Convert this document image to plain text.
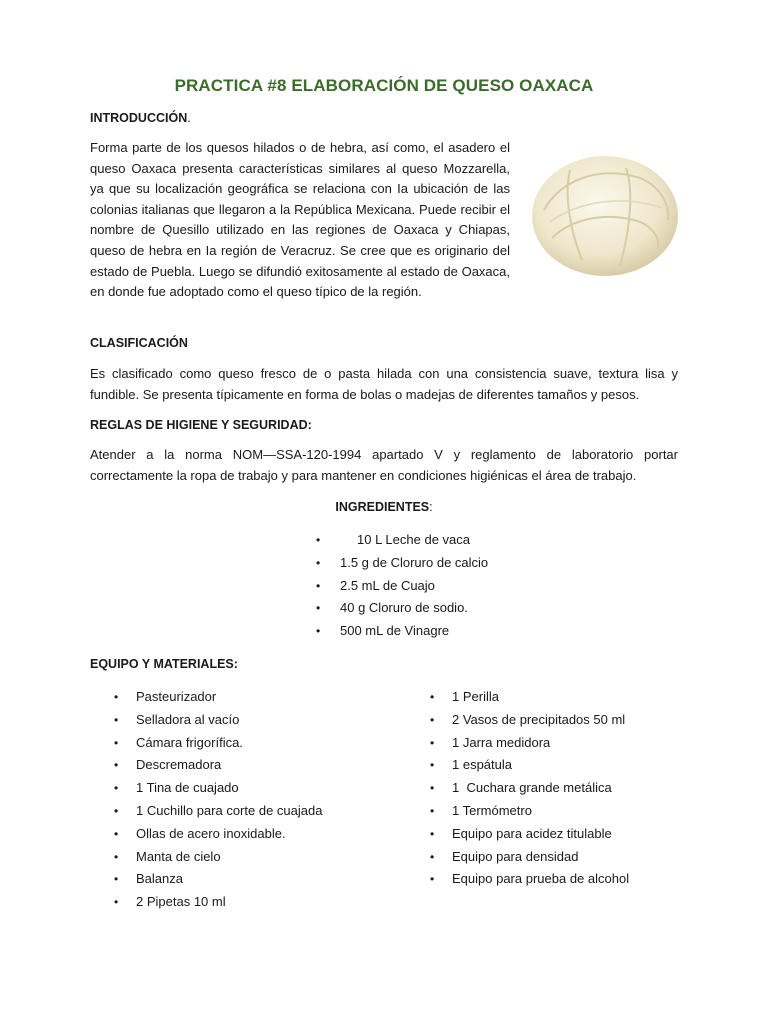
PRACTICA #8 ELABORACIÓN DE QUESO OAXACA
INTRODUCCIÓN.
Forma parte de los quesos hilados o de hebra, así como, el asadero el queso Oaxaca presenta características similares al queso Mozzarella, ya que su localización geográfica se relaciona con Ia ubicación de las colonias italianas que llegaron a la República Mexicana. Puede recibir el nombre de Quesillo utilizado en las regiones de Oaxaca y Chiapas, queso de hebra en Ia región de Veracruz. Se cree que es originario del estado de Puebla. Luego se difundió exitosamente al estado de Oaxaca, en donde fue adoptado como el queso típico de la región.
CLASIFICACIÓN
Es clasificado como queso fresco de o pasta hilada con una consistencia suave, textura lisa y fundible. Se presenta típicamente en forma de bolas o madejas de diferentes tamaños y pesos.
REGLAS DE HIGIENE Y SEGURIDAD:
Atender a la norma NOM—SSA-120-1994 apartado V y reglamento de laboratorio portar correctamente la ropa de trabajo y para mantener en condiciones higiénicas el área de trabajo.
INGREDIENTES:
•	10 L Leche de vaca
• 1.5 g de Cloruro de calcio
• 2.5 mL de Cuajo
• 40 g Cloruro de sodio.
• 500 mL de Vinagre
EQUIPO Y MATERIALES:
• Pasteurizador
• Selladora al vacío
• Cámara frigorífica.
• Descremadora
• 1 Tina de cuajado
• 1 Cuchillo para corte de cuajada
• Ollas de acero inoxidable.
• Manta de cielo
• Balanza
• 2 Pipetas 10 ml
• 1 Perilla
• 2 Vasos de precipitados 50 ml
• 1 Jarra medidora
• 1 espátula
• 1  Cuchara grande metálica
• 1 Termómetro
• Equipo para acidez titulable
• Equipo para densidad
• Equipo para prueba de alcohol
